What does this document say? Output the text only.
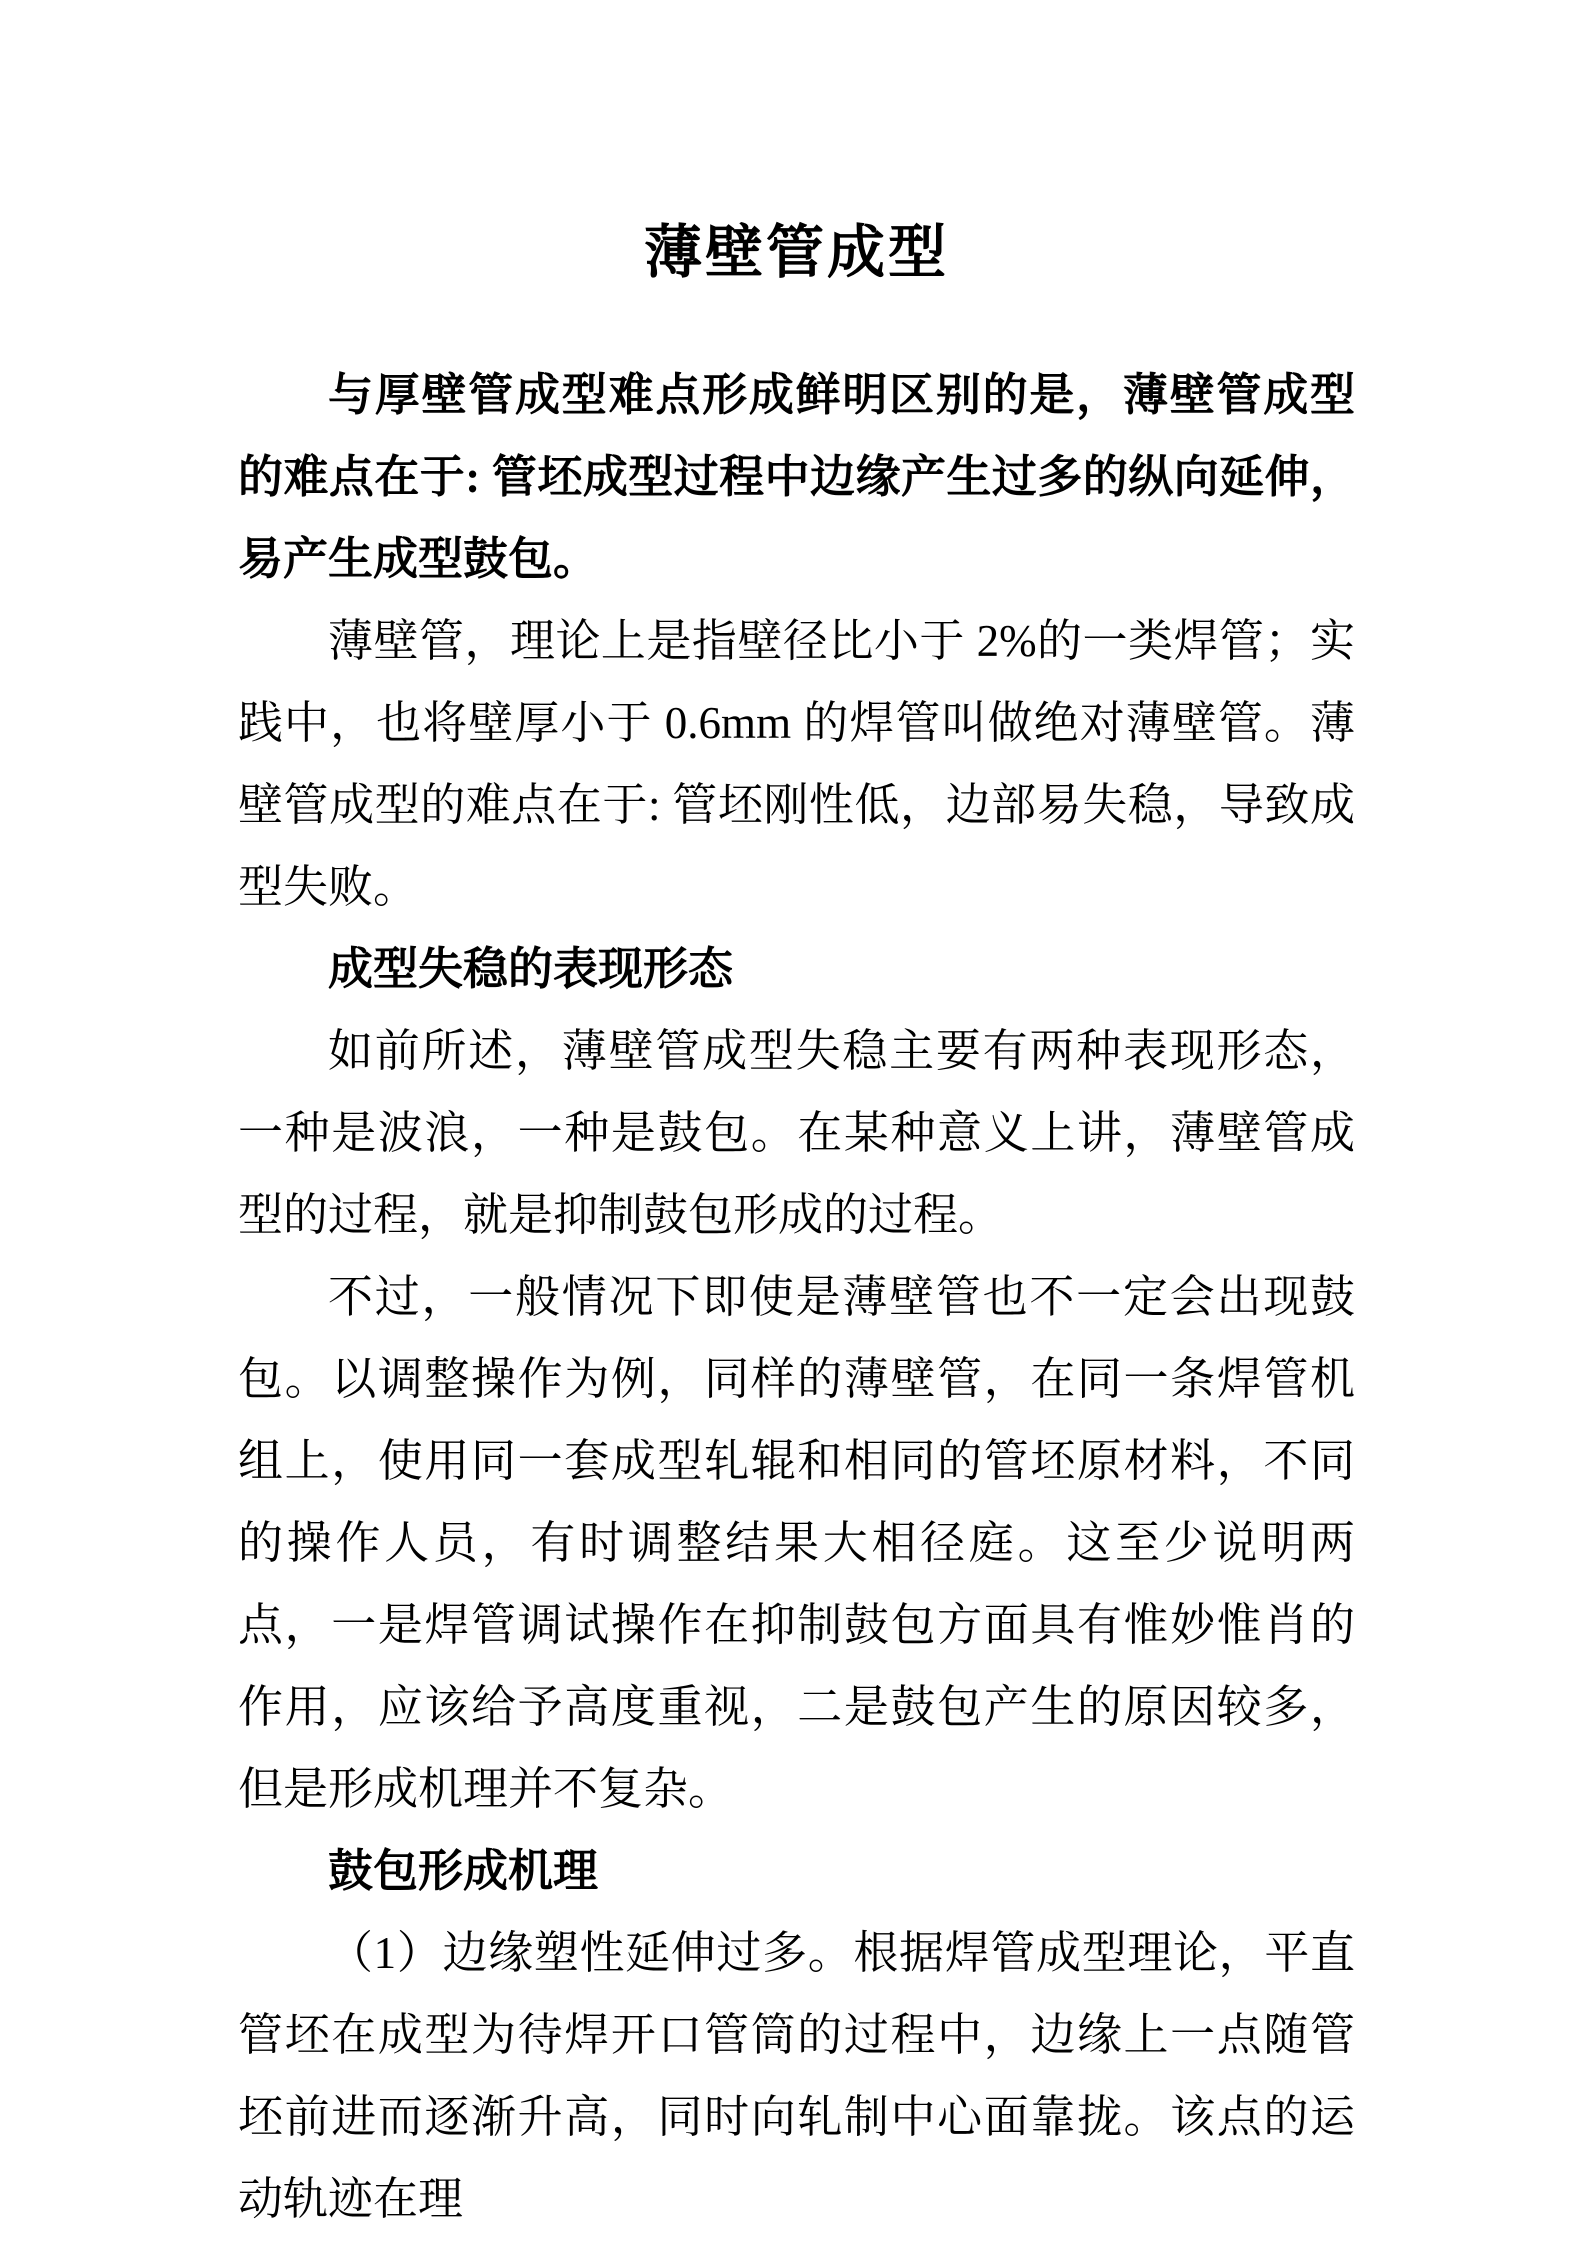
薄壁管成型

与厚壁管成型难点形成鲜明区别的是，薄壁管成型的难点在于: 管坯成型过程中边缘产生过多的纵向延伸，易产生成型鼓包。

薄壁管，理论上是指壁径比小于 2%的一类焊管；实践中，也将壁厚小于 0.6mm 的焊管叫做绝对薄壁管。薄壁管成型的难点在于: 管坯刚性低，边部易失稳，导致成型失败。

成型失稳的表现形态

如前所述，薄壁管成型失稳主要有两种表现形态，一种是波浪，一种是鼓包。在某种意义上讲，薄壁管成型的过程，就是抑制鼓包形成的过程。

不过，一般情况下即使是薄壁管也不一定会出现鼓包。以调整操作为例，同样的薄壁管，在同一条焊管机组上，使用同一套成型轧辊和相同的管坯原材料，不同的操作人员，有时调整结果大相径庭。这至少说明两点，一是焊管调试操作在抑制鼓包方面具有惟妙惟肖的作用，应该给予高度重视，二是鼓包产生的原因较多，但是形成机理并不复杂。

鼓包形成机理

（1）边缘塑性延伸过多。根据焊管成型理论，平直管坯在成型为待焊开口管筒的过程中，边缘上一点随管坯前进而逐渐升高，同时向轧制中心面靠拢。该点的运动轨迹在理
